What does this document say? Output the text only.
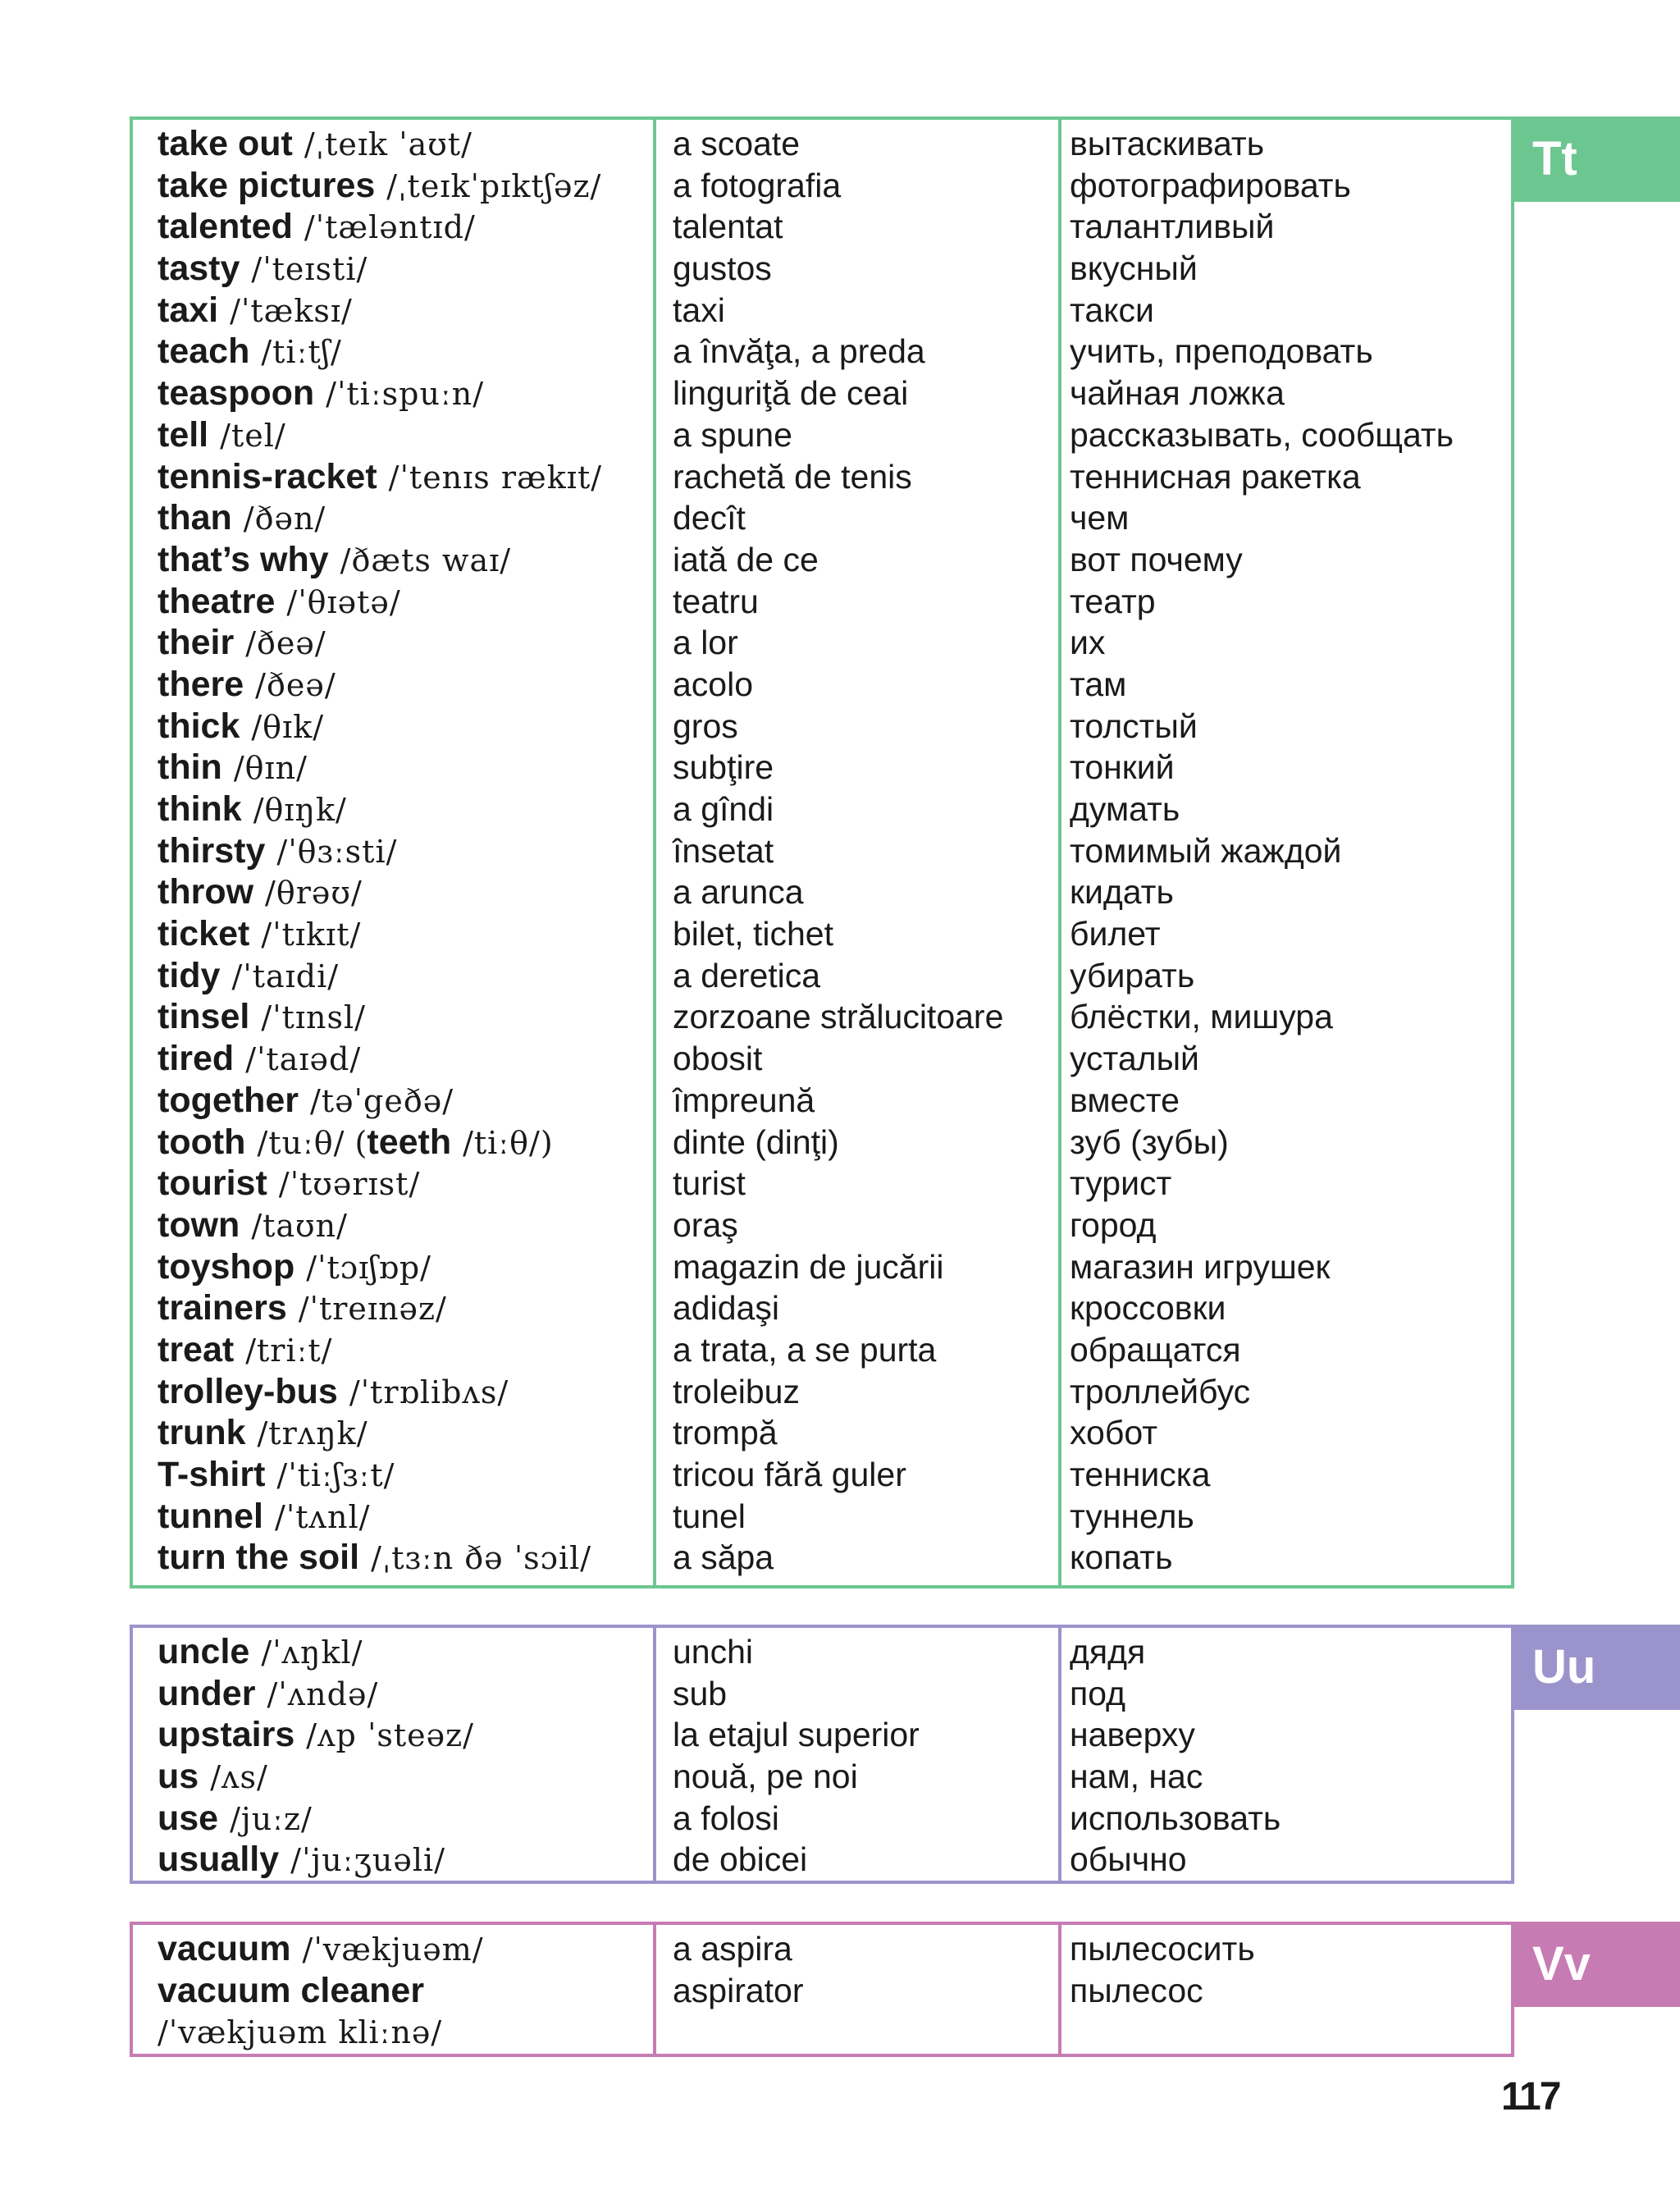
take out /ˌteɪk ˈaʊt/
take pictures /ˌteɪkˈpɪktʃəz/
talented /ˈtæləntɪd/
tasty /ˈteɪsti/
taxi /ˈtæksɪ/
teach /tiːtʃ/
teaspoon /ˈtiːspuːn/
tell /tel/
tennis-racket /ˈtenɪs rækɪt/
than /ðən/
that’s why /ðæts waɪ/
theatre /ˈθɪətə/
their /ðeə/
there /ðeə/
thick /θɪk/
thin /θɪn/
think /θɪŋk/
thirsty /ˈθɜːsti/
throw /θrəʊ/
ticket /ˈtɪkɪt/
tidy /ˈtaɪdi/
tinsel /ˈtɪnsl/
tired /ˈtaɪəd/
together /təˈgeðə/
tooth /tuːθ/ (teeth /tiːθ/)
tourist /ˈtʊərɪst/
town /taʊn/
toyshop /ˈtɔɪʃɒp/
trainers /ˈtreɪnəz/
treat /triːt/
trolley-bus /ˈtrɒlibʌs/
trunk /trʌŋk/
T-shirt /ˈtiːʃɜːt/
tunnel /ˈtʌnl/
turn the soil /ˌtɜːn ðə ˈsɔil/
a scoate
a fotografia
talentat
gustos
taxi
a învăţa, a preda
linguriţă de ceai
a spune
rachetă de tenis
decît
iată de ce
teatru
a lor
acolo
gros
subţire
a gîndi
însetat
a arunca
bilet, tichet
a deretica
zorzoane strălucitoare
obosit
împreună
dinte (dinţi)
turist
oraş
magazin de jucării
adidaşi
a trata, a se purta
troleibuz
trompă
tricou fără guler
tunel
a săpa
вытаскивать
фотографировать
талантливый
вкусный
такси
учить, преподовать
чайная ложка
рассказывать, сообщать
теннисная ракетка
чем
вот почему
театр
их
там
толстый
тонкий
думать
томимый жаждой
кидать
билет
убирать
блёстки, мишура
усталый
вместе
зуб (зубы)
турист
город
магазин игрушек
кроссовки
обращатся
троллейбус
хобот
тенниска
туннель
копать
Tt
uncle /ˈʌŋkl/
under /ˈʌndə/
upstairs /ʌp ˈsteəz/
us /ʌs/
use /juːz/
usually /ˈjuːʒuəli/
unchi
sub
la etajul superior
nouă, pe noi
a folosi
de obicei
дядя
под
наверху
нам, нас
использовать
обычно
Uu
vacuum /ˈvækjuəm/
vacuum cleaner
/ˈvækjuəm kliːnə/
a aspira
aspirator
пылесосить
пылесос	Vv
117
